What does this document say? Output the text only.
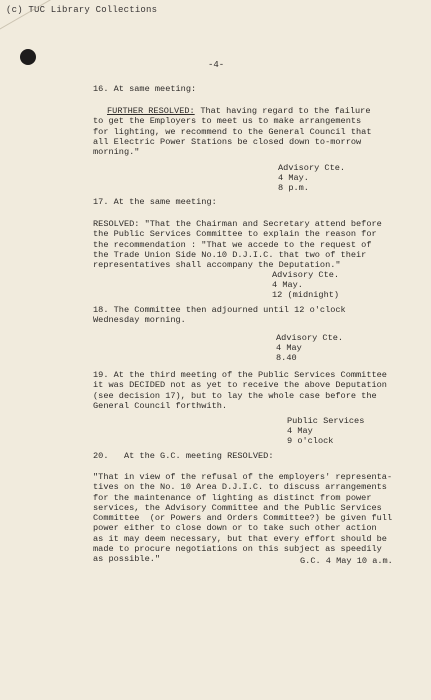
(c) TUC Library Collections
-4-
16. At same meeting:
FURTHER RESOLVED: That having regard to the failure
to get the Employers to meet us to make arrangements
for lighting, we recommend to the General Council that
all Electric Power Stations be closed down to-morrow
morning."
Advisory Cte.
4 May.
8 p.m.
17. At the same meeting:
RESOLVED: "That the Chairman and Secretary attend before
the Public Services Committee to explain the reason for
the recommendation : "That we accede to the request of
the Trade Union Side No.10 D.J.I.C. that two of their
representatives shall accompany the Deputation."
Advisory Cte.
4 May.
12 (midnight)
18. The Committee then adjourned until 12 o'clock
Wednesday morning.
Advisory Cte.
4 May
8.40
19. At the third meeting of the Public Services Committee
it was DECIDED not as yet to receive the above Deputation
(see decision 17), but to lay the whole case before the
General Council forthwith.
Public Services
4 May
9 o'clock
20.   At the G.C. meeting RESOLVED:
"That in view of the refusal of the employers' representa-
tives on the No. 10 Area D.J.I.C. to discuss arrangements
for the maintenance of lighting as distinct from power
services, the Advisory Committee and the Public Services
Committee  (or Powers and Orders Committee?) be given full
power either to close down or to take such other action
as it may deem necessary, but that every effort should be
made to procure negotiations on this subject as speedily
as possible."	G.C. 4 May 10 a.m.
